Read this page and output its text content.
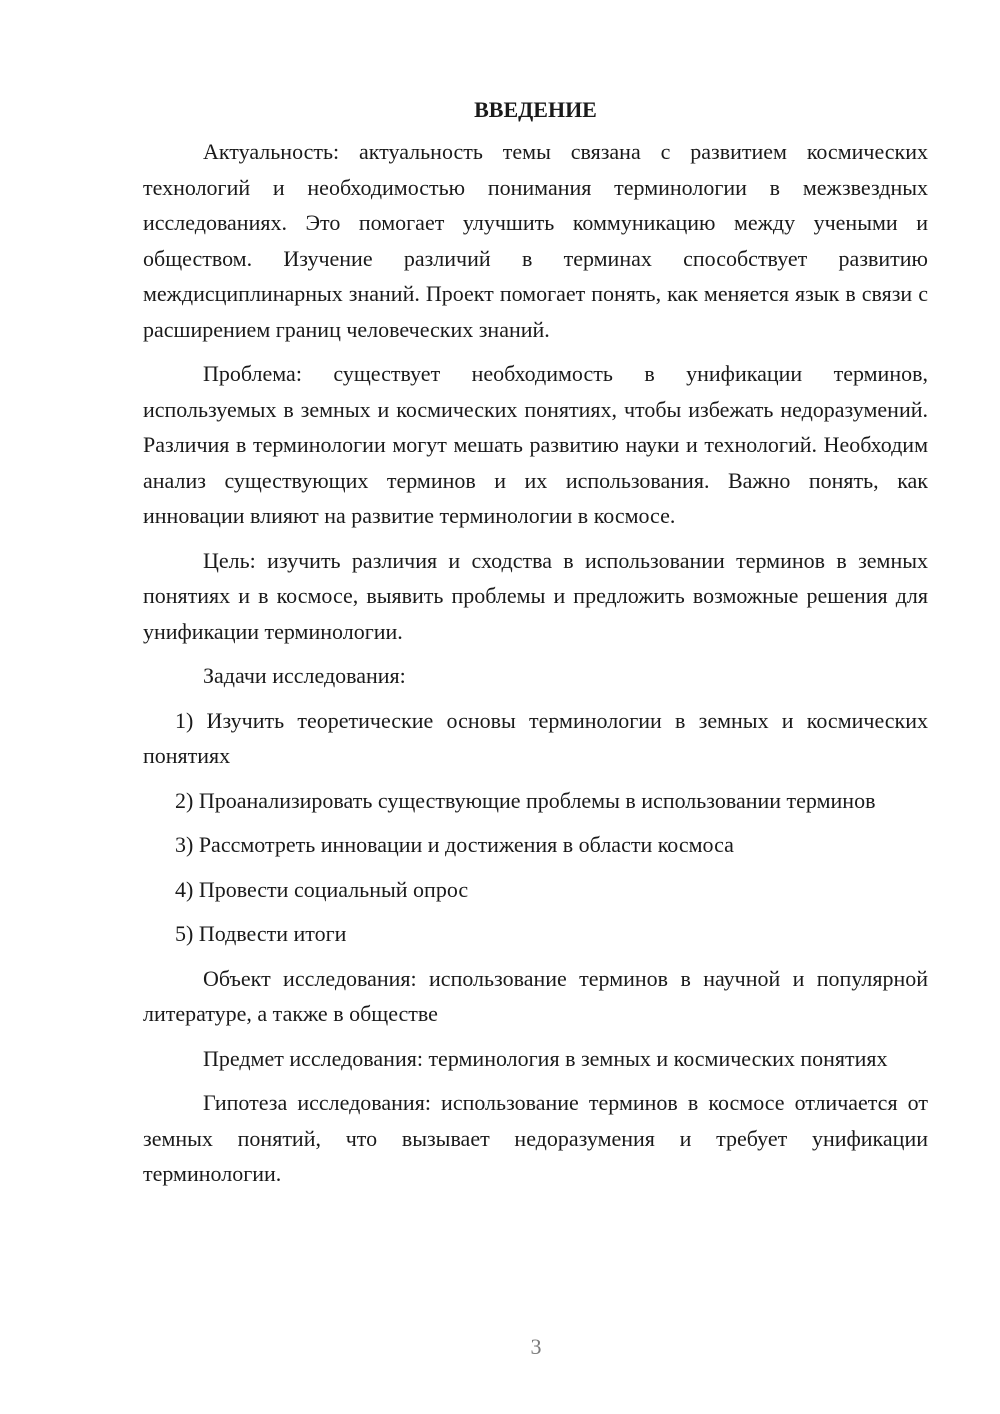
ВВЕДЕНИЕ

Актуальность: актуальность темы связана с развитием космических технологий и необходимостью понимания терминологии в межзвездных исследованиях. Это помогает улучшить коммуникацию между учеными и обществом. Изучение различий в терминах способствует развитию междисциплинарных знаний. Проект помогает понять, как меняется язык в связи с расширением границ человеческих знаний.

Проблема: существует необходимость в унификации терминов, используемых в земных и космических понятиях, чтобы избежать недоразумений. Различия в терминологии могут мешать развитию науки и технологий. Необходим анализ существующих терминов и их использования. Важно понять, как инновации влияют на развитие терминологии в космосе.

Цель: изучить различия и сходства в использовании терминов в земных понятиях и в космосе, выявить проблемы и предложить возможные решения для унификации терминологии.

Задачи исследования:

1) Изучить теоретические основы терминологии в земных и космических понятиях

2) Проанализировать существующие проблемы в использовании терминов

3) Рассмотреть инновации и достижения в области космоса

4) Провести социальный опрос

5) Подвести итоги

Объект исследования: использование терминов в научной и популярной литературе, а также в обществе

Предмет исследования: терминология в земных и космических понятиях

Гипотеза исследования: использование терминов в космосе отличается от земных понятий, что вызывает недоразумения и требует унификации терминологии.

3
